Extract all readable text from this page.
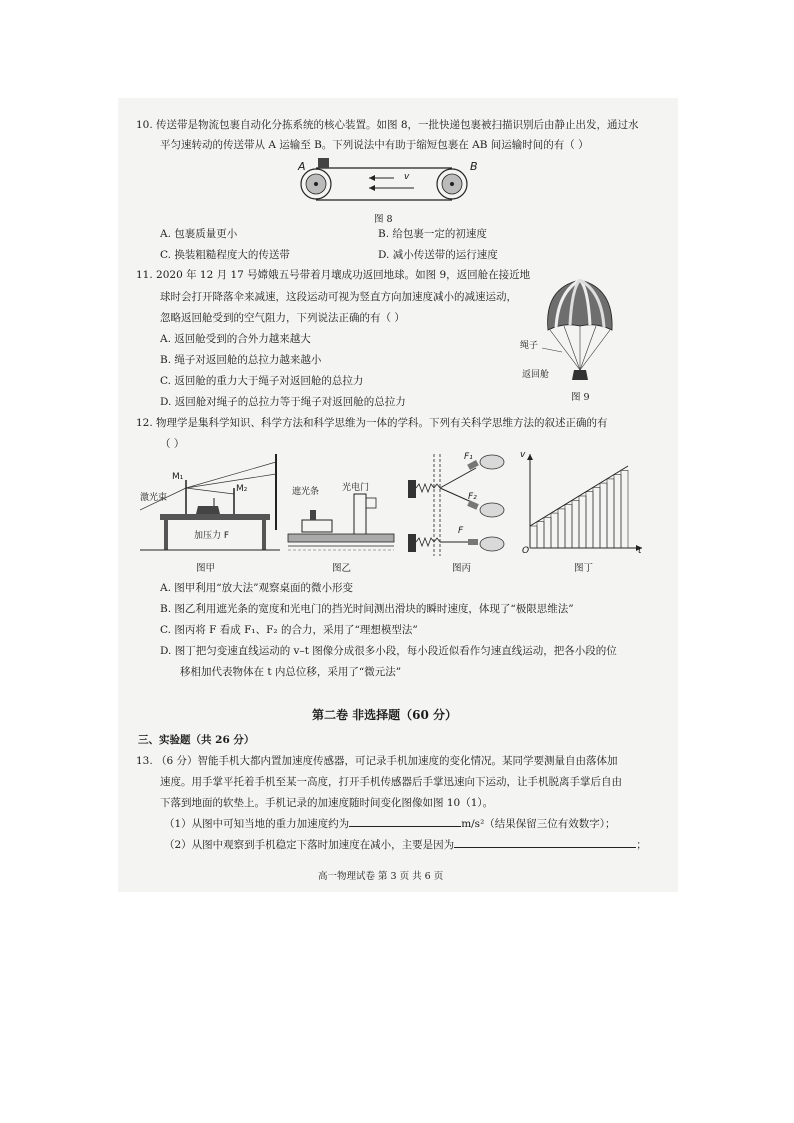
10. 传送带是物流包裹自动化分拣系统的核心装置。如图 8，一批快递包裹被扫描识别后由静止出发，通过水
平匀速转动的传送带从 A 运输至 B。下列说法中有助于缩短包裹在 AB 间运输时间的有（ ）
A	B
v
图 8
A. 包裹质量更小	B. 给包裹一定的初速度
C. 换装粗糙程度大的传送带	D. 减小传送带的运行速度
11. 2020 年 12 月 17 号嫦娥五号带着月壤成功返回地球。如图 9，返回舱在接近地
球时会打开降落伞来减速，这段运动可视为竖直方向加速度减小的减速运动，
忽略返回舱受到的空气阻力，下列说法正确的有（ ）
A. 返回舱受到的合外力越来越大
B. 绳子对返回舱的总拉力越来越小
C. 返回舱的重力大于绳子对返回舱的总拉力
D. 返回舱对绳子的总拉力等于绳子对返回舱的总拉力
绳子
返回舱
图 9
12. 物理学是集科学知识、科学方法和科学思维为一体的学科。下列有关科学思维方法的叙述正确的有
（ ）
M₁
M₂
激光束
加压力 F
图甲
遮光条	光电门
图乙
F₁
F₂
F
图丙
v
t
O
图丁
A. 图甲利用“放大法”观察桌面的微小形变
B. 图乙利用遮光条的宽度和光电门的挡光时间测出滑块的瞬时速度，体现了“极限思维法”
C. 图丙将 F 看成 F₁、F₂ 的合力，采用了“理想模型法”
D. 图丁把匀变速直线运动的 v–t 图像分成很多小段，每小段近似看作匀速直线运动，把各小段的位
移相加代表物体在 t 内总位移，采用了“微元法”
第二卷 非选择题（60 分）
三、实验题（共 26 分）
13. （6 分）智能手机大都内置加速度传感器，可记录手机加速度的变化情况。某同学要测量自由落体加
速度。用手掌平托着手机至某一高度，打开手机传感器后手掌迅速向下运动，让手机脱离手掌后自由
下落到地面的软垫上。手机记录的加速度随时间变化图像如图 10（1）。
（1）从图中可知当地的重力加速度约为	m/s²（结果保留三位有效数字）；
（2）从图中观察到手机稳定下落时加速度在减小，主要是因为	；
高一物理试卷 第 3 页 共 6 页
